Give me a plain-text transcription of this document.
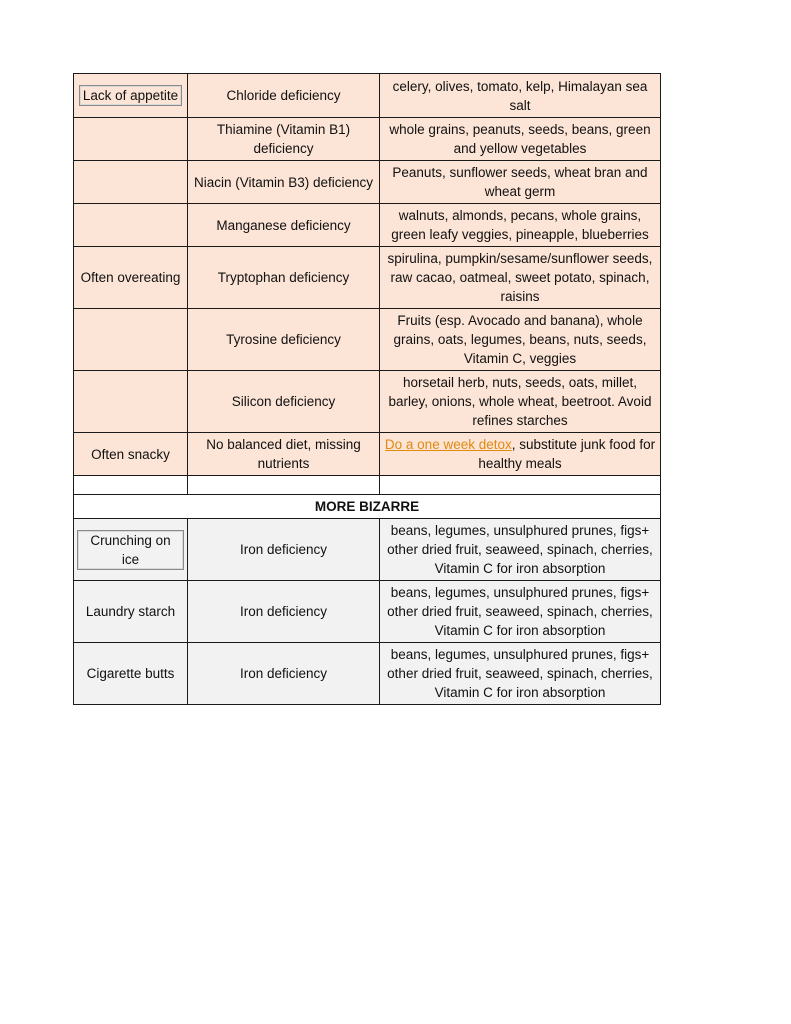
Lack of appetite	Chloride deficiency	celery, olives, tomato, kelp, Himalayan sea salt
	Thiamine (Vitamin B1) deficiency	whole grains, peanuts, seeds, beans, green and yellow vegetables
	Niacin (Vitamin B3) deficiency	Peanuts, sunflower seeds, wheat bran and wheat germ
	Manganese deficiency	walnuts, almonds, pecans, whole grains, green leafy veggies, pineapple, blueberries
Often overeating	Tryptophan deficiency	spirulina, pumpkin/sesame/sunflower seeds, raw cacao, oatmeal, sweet potato, spinach, raisins
	Tyrosine deficiency	Fruits (esp. Avocado and banana), whole grains, oats, legumes, beans, nuts, seeds, Vitamin C, veggies
	Silicon deficiency	horsetail herb, nuts, seeds, oats, millet, barley, onions, whole wheat, beetroot. Avoid refines starches
Often snacky	No balanced diet, missing nutrients	Do a one week detox, substitute junk food for healthy meals

MORE BIZARRE		
Crunching on ice	Iron deficiency	beans, legumes, unsulphured prunes, figs+ other dried fruit, seaweed, spinach, cherries, Vitamin C for iron absorption
Laundry starch	Iron deficiency	beans, legumes, unsulphured prunes, figs+ other dried fruit, seaweed, spinach, cherries, Vitamin C for iron absorption
Cigarette butts	Iron deficiency	beans, legumes, unsulphured prunes, figs+ other dried fruit, seaweed, spinach, cherries, Vitamin C for iron absorption
